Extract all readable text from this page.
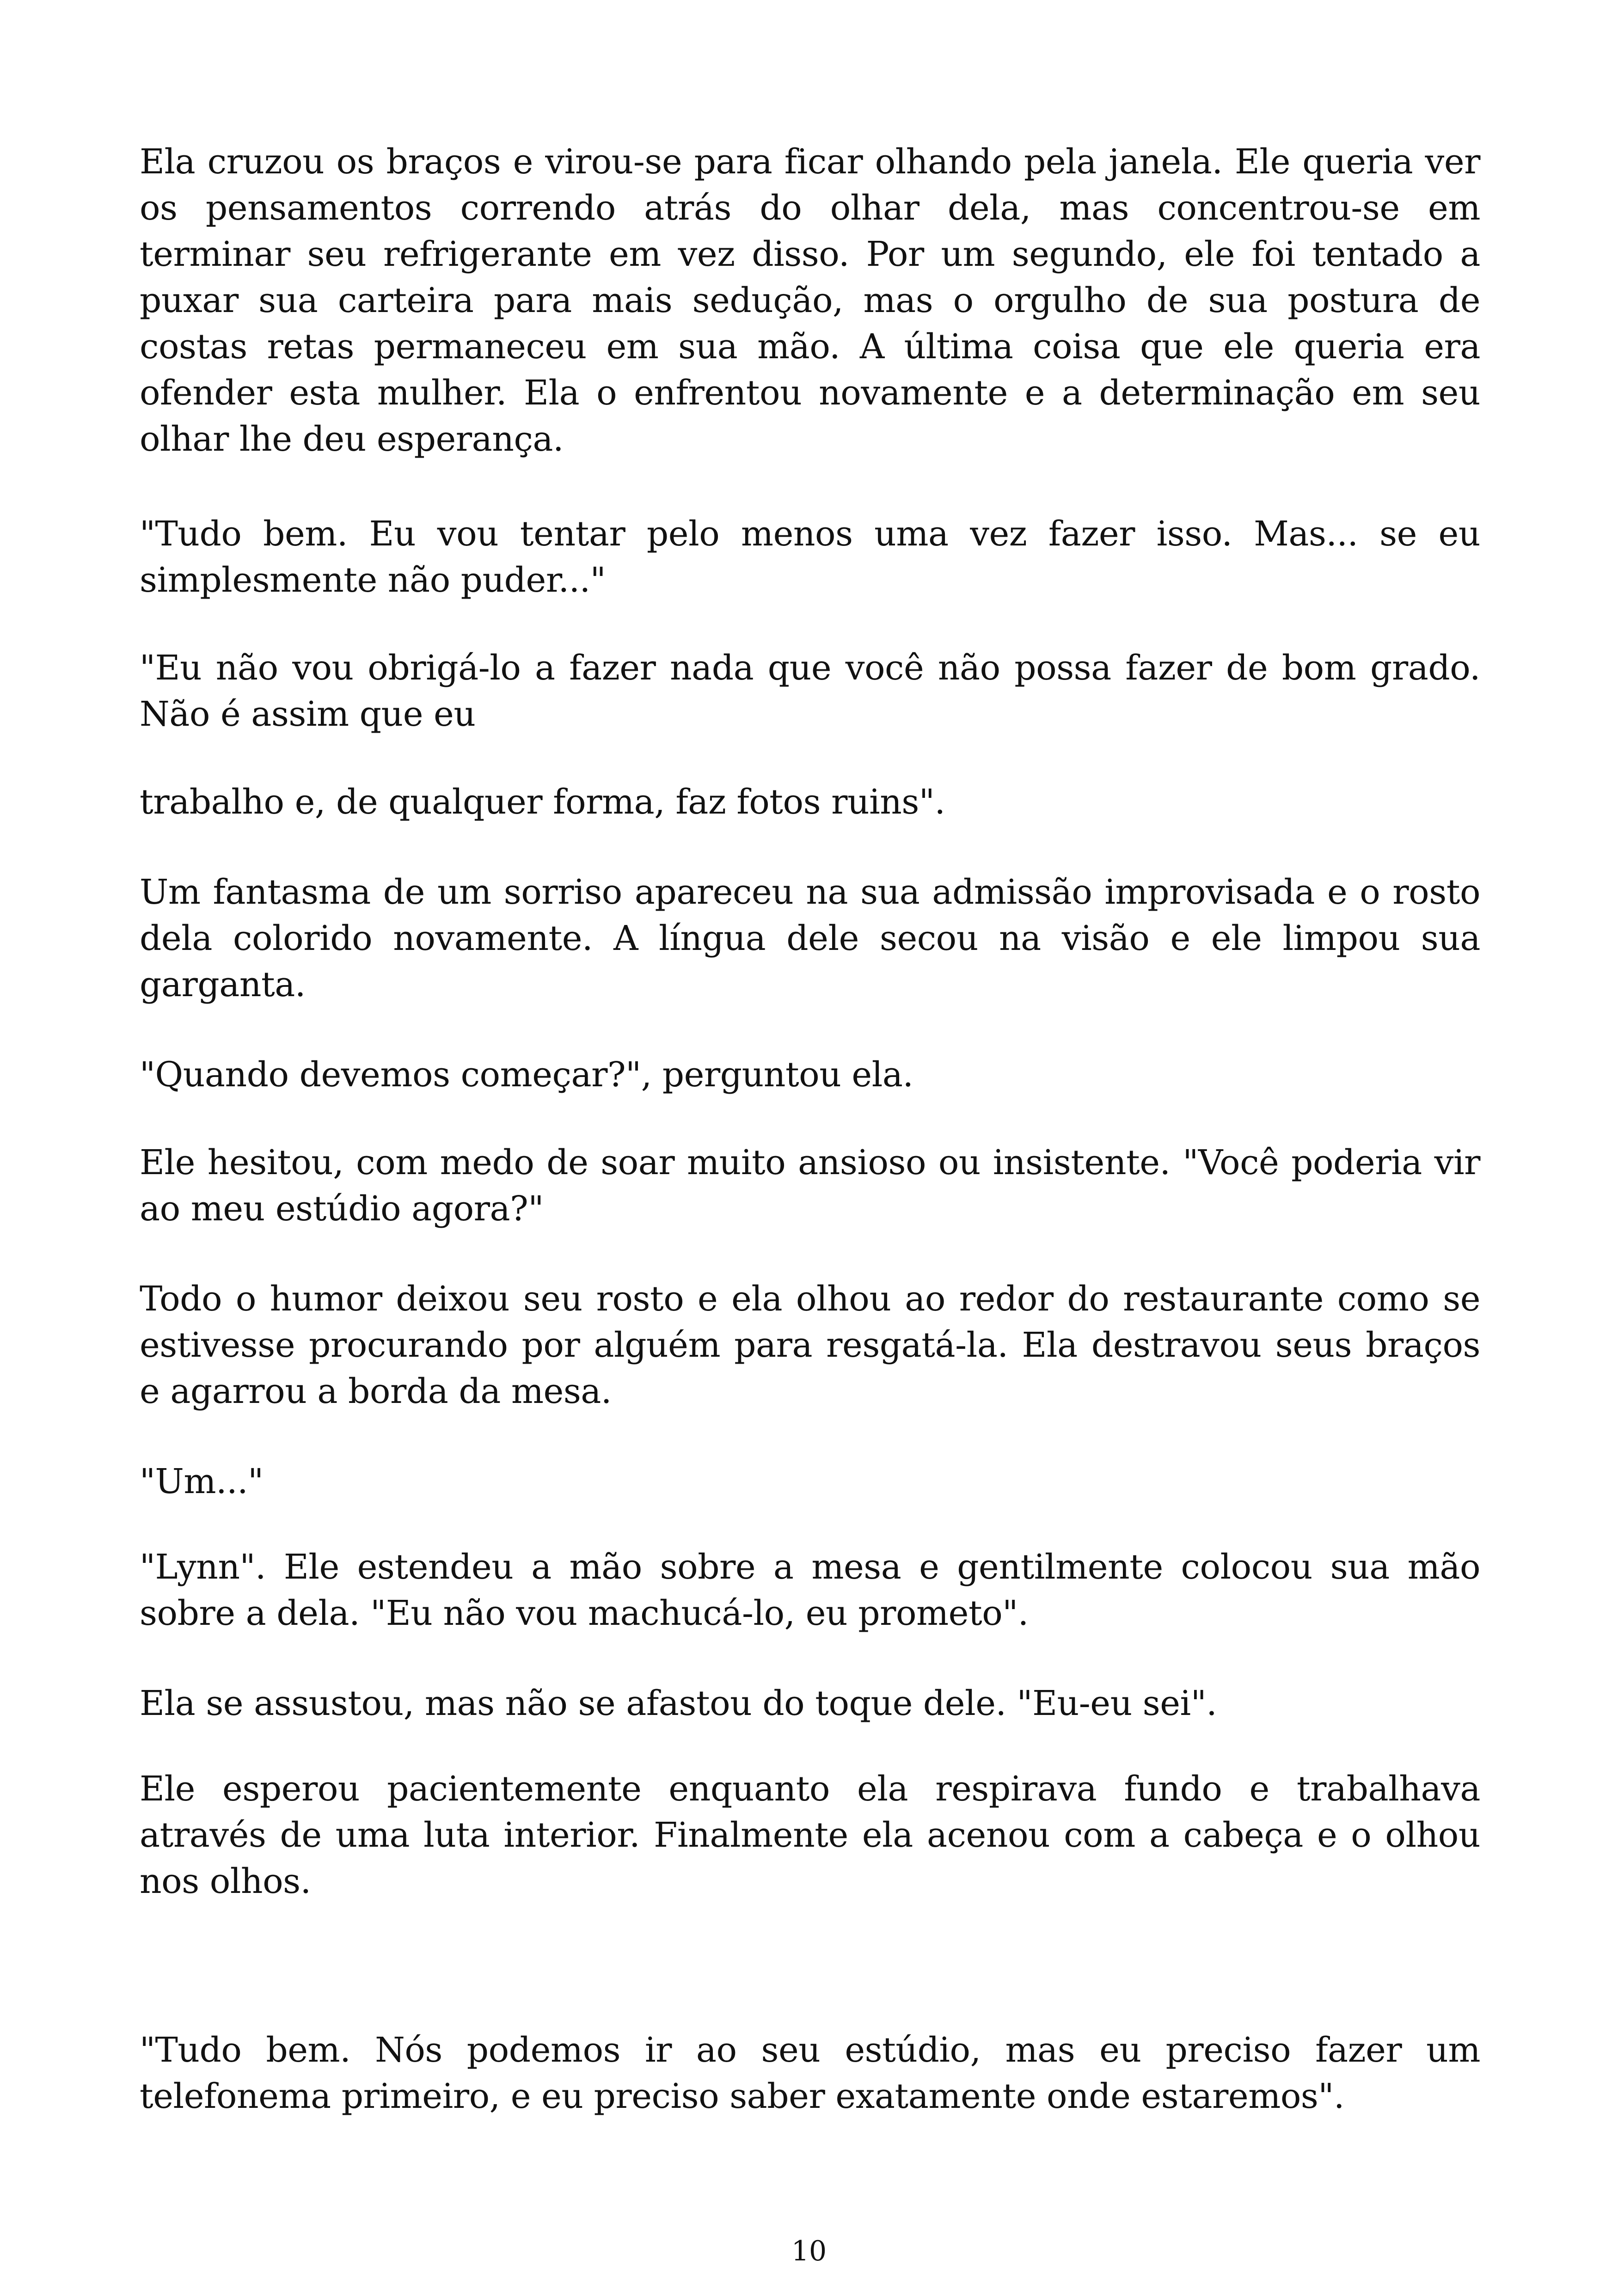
Ela cruzou os braços e virou-se para ficar olhando pela janela. Ele queria ver os pensamentos correndo atrás do olhar dela, mas concentrou-se em terminar seu refrigerante em vez disso. Por um segundo, ele foi tentado a puxar sua carteira para mais sedução, mas o orgulho de sua postura de costas retas permaneceu em sua mão. A última coisa que ele queria era ofender esta mulher. Ela o enfrentou novamente e a determinação em seu olhar lhe deu esperança.

"Tudo bem. Eu vou tentar pelo menos uma vez fazer isso. Mas... se eu simplesmente não puder..."

"Eu não vou obrigá-lo a fazer nada que você não possa fazer de bom grado. Não é assim que eu

trabalho e, de qualquer forma, faz fotos ruins".

Um fantasma de um sorriso apareceu na sua admissão improvisada e o rosto dela colorido novamente. A língua dele secou na visão e ele limpou sua garganta.

"Quando devemos começar?", perguntou ela.

Ele hesitou, com medo de soar muito ansioso ou insistente. "Você poderia vir ao meu estúdio agora?"

Todo o humor deixou seu rosto e ela olhou ao redor do restaurante como se estivesse procurando por alguém para resgatá-la. Ela destravou seus braços e agarrou a borda da mesa.

"Um..."

"Lynn". Ele estendeu a mão sobre a mesa e gentilmente colocou sua mão sobre a dela. "Eu não vou machucá-lo, eu prometo".

Ela se assustou, mas não se afastou do toque dele. "Eu-eu sei".

Ele esperou pacientemente enquanto ela respirava fundo e trabalhava através de uma luta interior. Finalmente ela acenou com a cabeça e o olhou nos olhos.

"Tudo bem. Nós podemos ir ao seu estúdio, mas eu preciso fazer um telefonema primeiro, e eu preciso saber exatamente onde estaremos".

10
